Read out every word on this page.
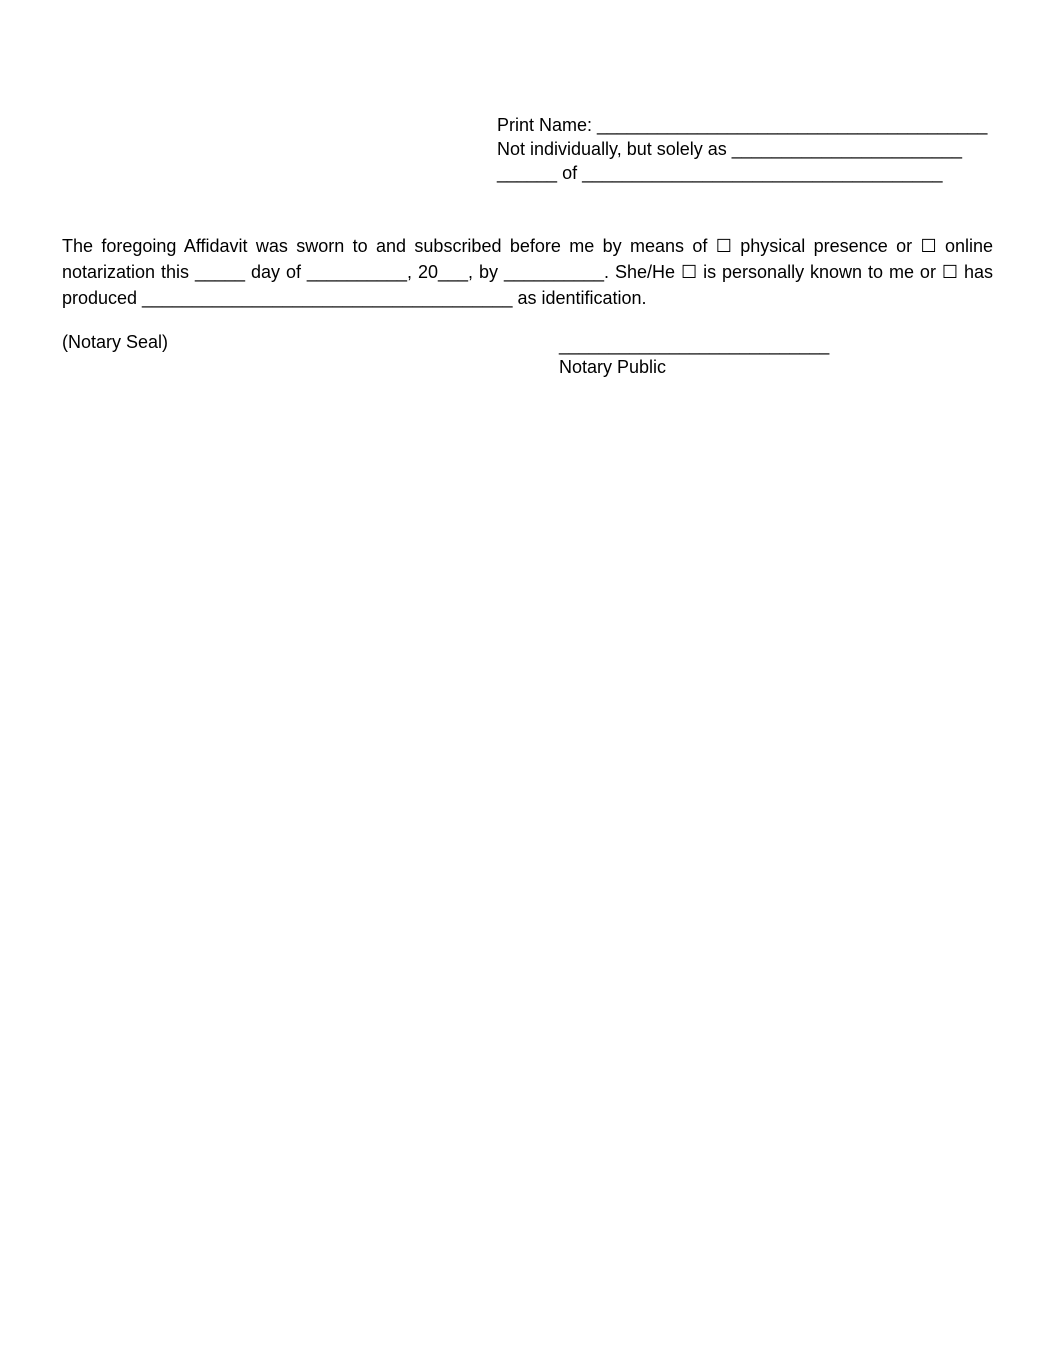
Print Name: _______________________________________
Not individually, but solely as _______________________
______ of ____________________________________
The foregoing Affidavit was sworn to and subscribed before me by means of ☐ physical presence or ☐ online notarization this _____ day of __________, 20___, by __________. She/He ☐ is personally known to me or ☐ has produced _____________________________________ as identification.
(Notary Seal)	___________________________
Notary Public
